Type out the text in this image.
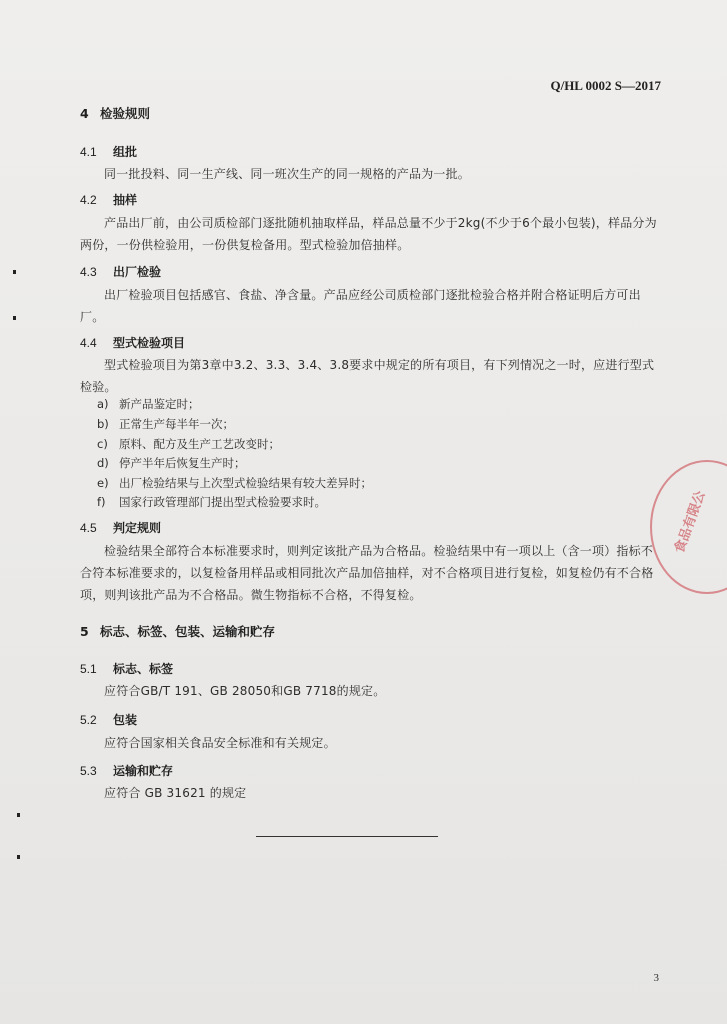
Q/HL 0002 S—2017
4 检验规则
4.1 组批
同一批投料、同一生产线、同一班次生产的同一规格的产品为一批。
4.2 抽样
产品出厂前，由公司质检部门逐批随机抽取样品，样品总量不少于2kg(不少于6个最小包装)，样品分为两份，一份供检验用，一份供复检备用。型式检验加倍抽样。
4.3 出厂检验
出厂检验项目包括感官、食盐、净含量。产品应经公司质检部门逐批检验合格并附合格证明后方可出厂。
4.4 型式检验项目
型式检验项目为第3章中3.2、3.3、3.4、3.8要求中规定的所有项目，有下列情况之一时，应进行型式检验。
a) 新产品鉴定时；
b) 正常生产每半年一次；
c) 原料、配方及生产工艺改变时；
d) 停产半年后恢复生产时；
e) 出厂检验结果与上次型式检验结果有较大差异时；
f) 国家行政管理部门提出型式检验要求时。
4.5 判定规则
检验结果全部符合本标准要求时，则判定该批产品为合格品。检验结果中有一项以上（含一项）指标不合符本标准要求的，以复检备用样品或相同批次产品加倍抽样，对不合格项目进行复检，如复检仍有不合格项，则判该批产品为不合格品。微生物指标不合格，不得复检。
5 标志、标签、包装、运输和贮存
5.1 标志、标签
应符合GB/T 191、GB 28050和GB 7718的规定。
5.2 包装
应符合国家相关食品安全标准和有关规定。
5.3 运输和贮存
应符合 GB 31621 的规定
3
食品有限公
